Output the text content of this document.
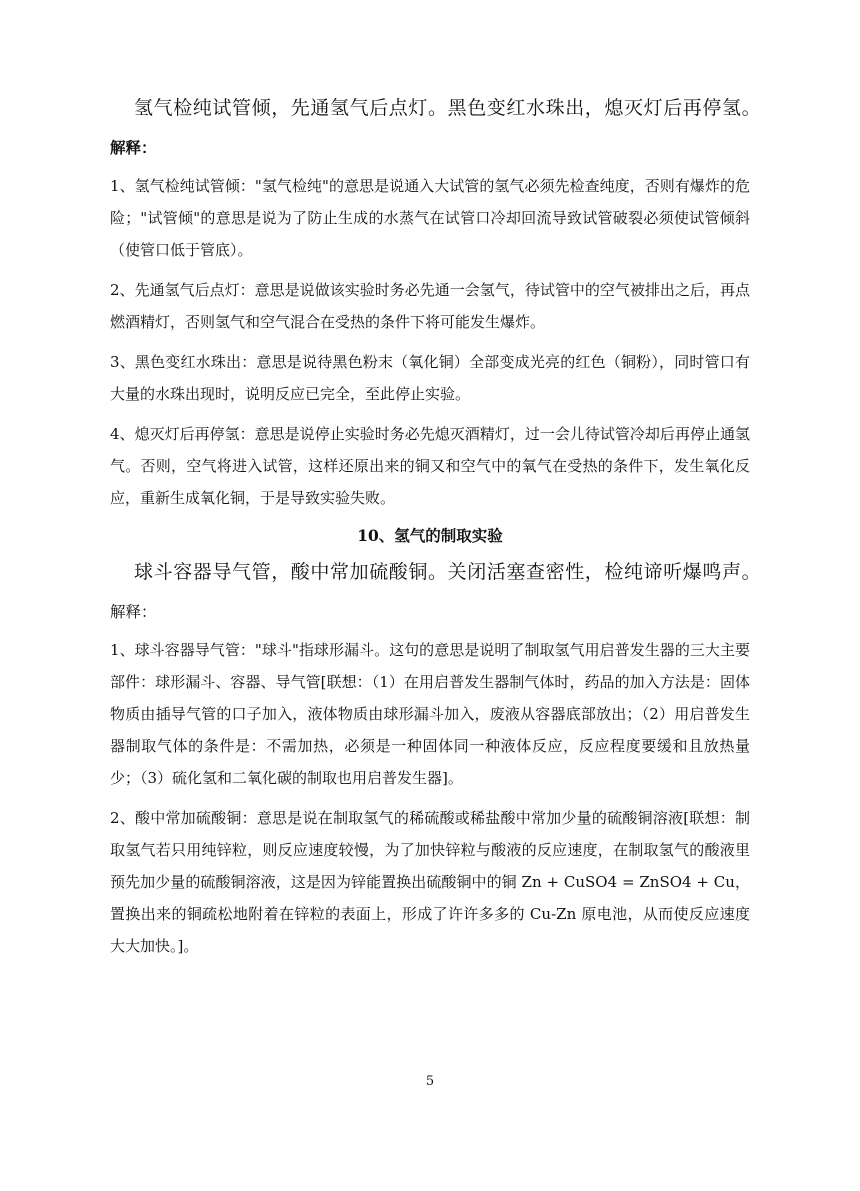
氢气检纯试管倾，先通氢气后点灯。黑色变红水珠出，熄灭灯后再停氢。

解释：

1、氢气检纯试管倾："氢气检纯"的意思是说通入大试管的氢气必须先检查纯度，否则有爆炸的危险；"试管倾"的意思是说为了防止生成的水蒸气在试管口冷却回流导致试管破裂必须使试管倾斜（使管口低于管底）。

2、先通氢气后点灯：意思是说做该实验时务必先通一会氢气，待试管中的空气被排出之后，再点燃酒精灯，否则氢气和空气混合在受热的条件下将可能发生爆炸。

3、黑色变红水珠出：意思是说待黑色粉末（氧化铜）全部变成光亮的红色（铜粉），同时管口有大量的水珠出现时，说明反应已完全，至此停止实验。

4、熄灭灯后再停氢：意思是说停止实验时务必先熄灭酒精灯，过一会儿待试管冷却后再停止通氢气。否则，空气将进入试管，这样还原出来的铜又和空气中的氧气在受热的条件下，发生氧化反应，重新生成氧化铜，于是导致实验失败。

10、氢气的制取实验

球斗容器导气管，酸中常加硫酸铜。关闭活塞查密性，检纯谛听爆鸣声。

解释：

1、球斗容器导气管："球斗"指球形漏斗。这句的意思是说明了制取氢气用启普发生器的三大主要部件：球形漏斗、容器、导气管[联想：（1）在用启普发生器制气体时，药品的加入方法是：固体物质由插导气管的口子加入，液体物质由球形漏斗加入，废液从容器底部放出；（2）用启普发生器制取气体的条件是：不需加热，必须是一种固体同一种液体反应，反应程度要缓和且放热量少；（3）硫化氢和二氧化碳的制取也用启普发生器]。

2、酸中常加硫酸铜：意思是说在制取氢气的稀硫酸或稀盐酸中常加少量的硫酸铜溶液[联想：制取氢气若只用纯锌粒，则反应速度较慢，为了加快锌粒与酸液的反应速度，在制取氢气的酸液里预先加少量的硫酸铜溶液，这是因为锌能置换出硫酸铜中的铜 Zn + CuSO4 = ZnSO4 + Cu，置换出来的铜疏松地附着在锌粒的表面上，形成了许许多多的 Cu-Zn 原电池，从而使反应速度大大加快。]。

5
